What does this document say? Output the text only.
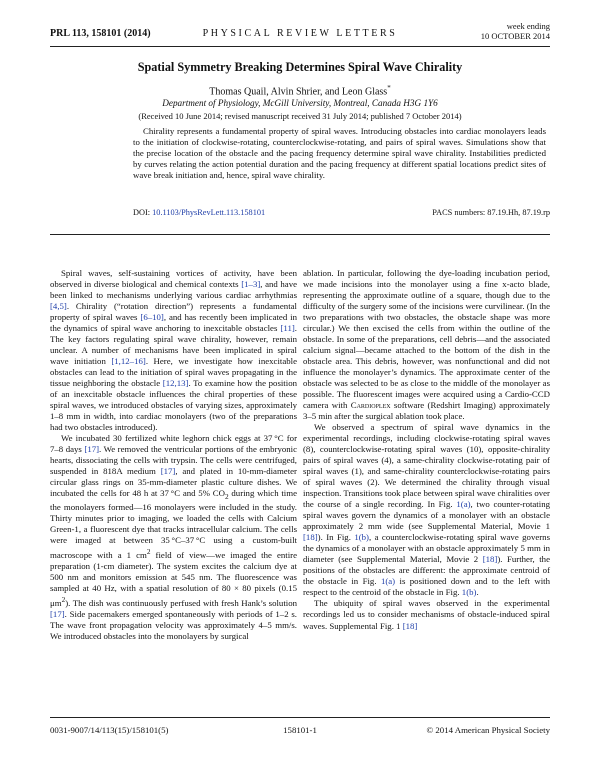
PRL 113, 158101 (2014)	PHYSICAL REVIEW LETTERS
week ending
10 OCTOBER 2014
Spatial Symmetry Breaking Determines Spiral Wave Chirality
Thomas Quail, Alvin Shrier, and Leon Glass*
Department of Physiology, McGill University, Montreal, Canada H3G 1Y6
(Received 10 June 2014; revised manuscript received 31 July 2014; published 7 October 2014)

Chirality represents a fundamental property of spiral waves. Introducing obstacles into cardiac monolayers leads to the initiation of clockwise-rotating, counterclockwise-rotating, and pairs of spiral waves. Simulations show that the precise location of the obstacle and the pacing frequency determine spiral wave chirality. Instabilities predicted by curves relating the action potential duration and the pacing frequency at different spatial locations predict sites of wave break initiation and, hence, spiral wave chirality.

DOI: 10.1103/PhysRevLett.113.158101	PACS numbers: 87.19.Hh, 87.19.rp

Spiral waves, self-sustaining vortices of activity, have been observed in diverse biological and chemical contexts [1–3], and have been linked to mechanisms underlying various cardiac arrhythmias [4,5]. Chirality (“rotation direction”) represents a fundamental property of spiral waves [6–10], and has recently been implicated in the dynamics of spiral wave anchoring to inexcitable obstacles [11]. The key factors regulating spiral wave chirality, however, remain unclear. A number of mechanisms have been implicated in spiral wave initiation [1,12–16]. Here, we investigate how inexcitable obstacles can lead to the initiation of spiral waves propagating in the tissue neighboring the obstacle [12,13]. To examine how the position of an inexcitable obstacle influences the chiral properties of these spiral waves, we introduced obstacles of varying sizes, approximately 1–8 mm in width, into cardiac monolayers (two of the preparations had two obstacles introduced).

We incubated 30 fertilized white leghorn chick eggs at 37 °C for 7–8 days [17]. We removed the ventricular portions of the embryonic hearts, dissociating the cells with trypsin. The cells were centrifuged, suspended in 818A medium [17], and plated in 10-mm-diameter circular glass rings on 35-mm-diameter plastic culture dishes. We incubated the cells for 48 h at 37 °C and 5% $CO_2$ during which time the monolayers formed—16 monolayers were included in the study. Thirty minutes prior to imaging, we loaded the cells with Calcium Green-1, a fluorescent dye that tracks intracellular calcium. The cells were imaged at between 35 °C–37 °C using a custom-built macroscope with a 1 $cm^2$ field of view—we imaged the entire preparation (1-cm diameter). The system excites the calcium dye at 500 nm and monitors emission at 545 nm. The fluorescence was sampled at 40 Hz, with a spatial resolution of 80 × 80 pixels (0.15 $\mu m^2$). The dish was continuously perfused with fresh Hank’s solution [17]. Side pacemakers emerged spontaneously with periods of 1–2 s. The wave front propagation velocity was approximately 4–5 mm/s. We introduced obstacles into the monolayers by surgical

ablation. In particular, following the dye-loading incubation period, we made incisions into the monolayer using a fine x-acto blade, representing the approximate outline of a square, though due to the difficulty of the surgery some of the incisions were curvilinear. (In the two preparations with two obstacles, the obstacle shape was more circular.) We then excised the cells from within the outline of the obstacle. In some of the preparations, cell debris—and the associated calcium signal—became attached to the bottom of the dish in the obstacle area. This debris, however, was nonfunctional and did not influence the monolayer’s dynamics. The approximate center of the obstacle was selected to be as close to the middle of the monolayer as possible. The fluorescent images were acquired using a Cardio-CCD camera with Cardioplex software (Redshirt Imaging) approximately 3–5 min after the surgical ablation took place.

We observed a spectrum of spiral wave dynamics in the experimental recordings, including clockwise-rotating spiral waves (8), counterclockwise-rotating spiral waves (10), opposite-chirality pairs of spiral waves (4), a same-chirality clockwise-rotating pair of spiral waves (1), and same-chirality counterclockwise-rotating pairs of spiral waves (2). We determined the chirality through visual inspection. Transitions took place between spiral wave chiralities over the course of a single recording. In Fig. 1(a), two counter-rotating spiral waves govern the dynamics of a monolayer with an obstacle approximately 2 mm wide (see Supplemental Material, Movie 1 [18]). In Fig. 1(b), a counterclockwise-rotating spiral wave governs the dynamics of a monolayer with an obstacle approximately 5 mm in diameter (see Supplemental Material, Movie 2 [18]). Further, the positions of the obstacles are different: the approximate centroid of the obstacle in Fig. 1(a) is positioned down and to the left with respect to the centroid of the obstacle in Fig. 1(b).

The ubiquity of spiral waves observed in the experimental recordings led us to consider mechanisms of obstacle-induced spiral waves. Supplemental Fig. 1 [18]

0031-9007/14/113(15)/158101(5)	158101-1	© 2014 American Physical Society
